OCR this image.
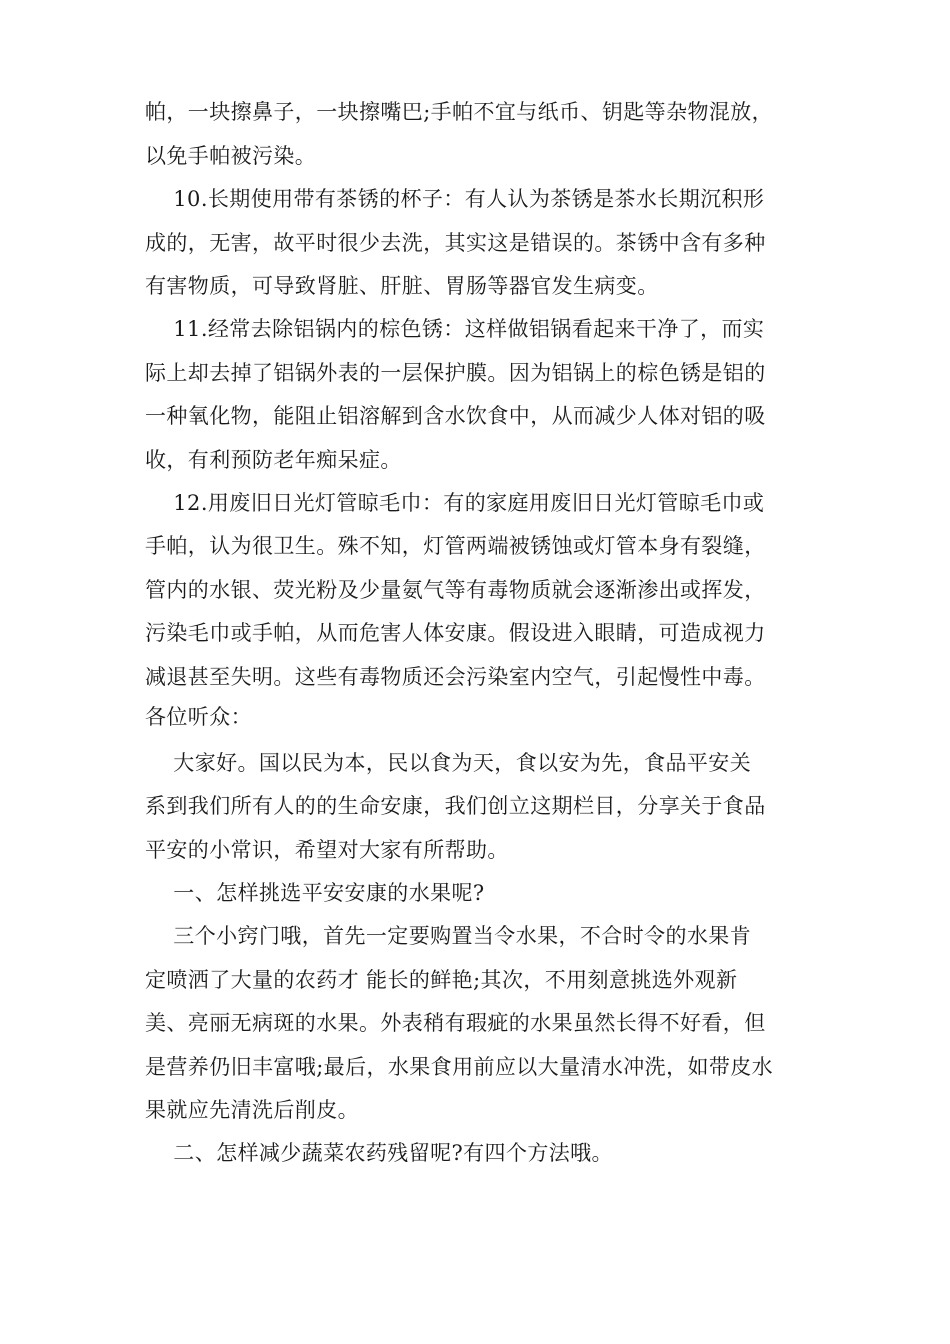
帕，一块擦鼻子，一块擦嘴巴;手帕不宜与纸币、钥匙等杂物混放，
以免手帕被污染。
10.长期使用带有茶锈的杯子：有人认为茶锈是茶水长期沉积形
成的，无害，故平时很少去洗，其实这是错误的。茶锈中含有多种
有害物质，可导致肾脏、肝脏、胃肠等器官发生病变。
11.经常去除铝锅内的棕色锈：这样做铝锅看起来干净了，而实
际上却去掉了铝锅外表的一层保护膜。因为铝锅上的棕色锈是铝的
一种氧化物，能阻止铝溶解到含水饮食中，从而减少人体对铝的吸
收，有利预防老年痴呆症。
12.用废旧日光灯管晾毛巾：有的家庭用废旧日光灯管晾毛巾或
手帕，认为很卫生。殊不知，灯管两端被锈蚀或灯管本身有裂缝，
管内的水银、荧光粉及少量氨气等有毒物质就会逐渐渗出或挥发，
污染毛巾或手帕，从而危害人体安康。假设进入眼睛，可造成视力
减退甚至失明。这些有毒物质还会污染室内空气，引起慢性中毒。
各位听众：
大家好。国以民为本，民以食为天，食以安为先，食品平安关
系到我们所有人的的生命安康，我们创立这期栏目，分享关于食品
平安的小常识，希望对大家有所帮助。
一、怎样挑选平安安康的水果呢?
三个小窍门哦，首先一定要购置当令水果，不合时令的水果肯
定喷洒了大量的农药才 能长的鲜艳;其次，不用刻意挑选外观新
美、亮丽无病斑的水果。外表稍有瑕疵的水果虽然长得不好看，但
是营养仍旧丰富哦;最后，水果食用前应以大量清水冲洗，如带皮水
果就应先清洗后削皮。
二、怎样减少蔬菜农药残留呢?有四个方法哦。
